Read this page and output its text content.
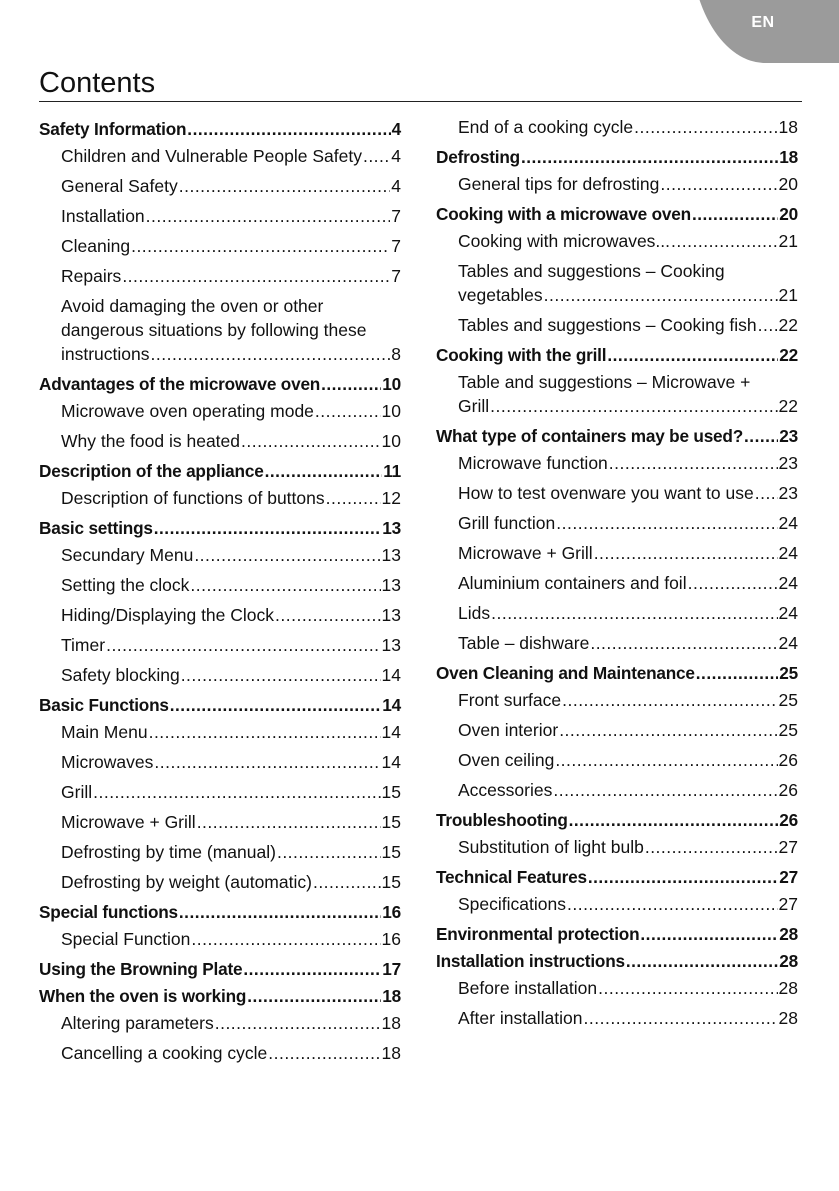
EN
Contents
Safety Information .....	4
Children and Vulnerable People Safety ..... 4
General Safety .....	4
Installation .....	7
Cleaning .....	7
Repairs .....	7
Avoid damaging the oven or other
dangerous situations by following these
instructions .....	8
Advantages of the microwave oven .....	10
Microwave oven operating mode .....	10
Why the food is heated .....	10
Description of the appliance .....	11
Description of functions of buttons .....	12
Basic settings .....	13
Secundary Menu .....	13
Setting the clock .....	13
Hiding/Displaying the Clock .....	13
Timer .....	13
Safety blocking .....	14
Basic Functions .....	14
Main Menu .....	14
Microwaves .....	14
Grill .....	15
Microwave + Grill .....	15
Defrosting by time (manual) .....	15
Defrosting by weight (automatic) .....	15
Special functions .....	16
Special Function .....	16
Using the Browning Plate .....	17
When the oven is working .....	18
Altering parameters .....	18
Cancelling a cooking cycle .....	18
End of a cooking cycle .....	18
Defrosting .....	18
General tips for defrosting .....	20
Cooking with a microwave oven .....	20
Cooking with microwaves... .....	21
Tables and suggestions – Cooking
vegetables .....	21
Tables and suggestions – Cooking fish ..... 22
Cooking with the grill .....	22
Table and suggestions – Microwave +
Grill .....	22
What type of containers may be used? ..... 23
Microwave function .....	23
How to test ovenware you want to use ..... 23
Grill function .....	24
Microwave + Grill .....	24
Aluminium containers and foil .....	24
Lids .....	24
Table – dishware .....	24
Oven Cleaning and Maintenance .....	25
Front surface .....	25
Oven interior .....	25
Oven ceiling .....	26
Accessories .....	26
Troubleshooting .....	26
Substitution of light bulb .....	27
Technical Features .....	27
Specifications .....	27
Environmental protection .....	28
Installation instructions .....	28
Before installation .....	28
After installation .....	28
